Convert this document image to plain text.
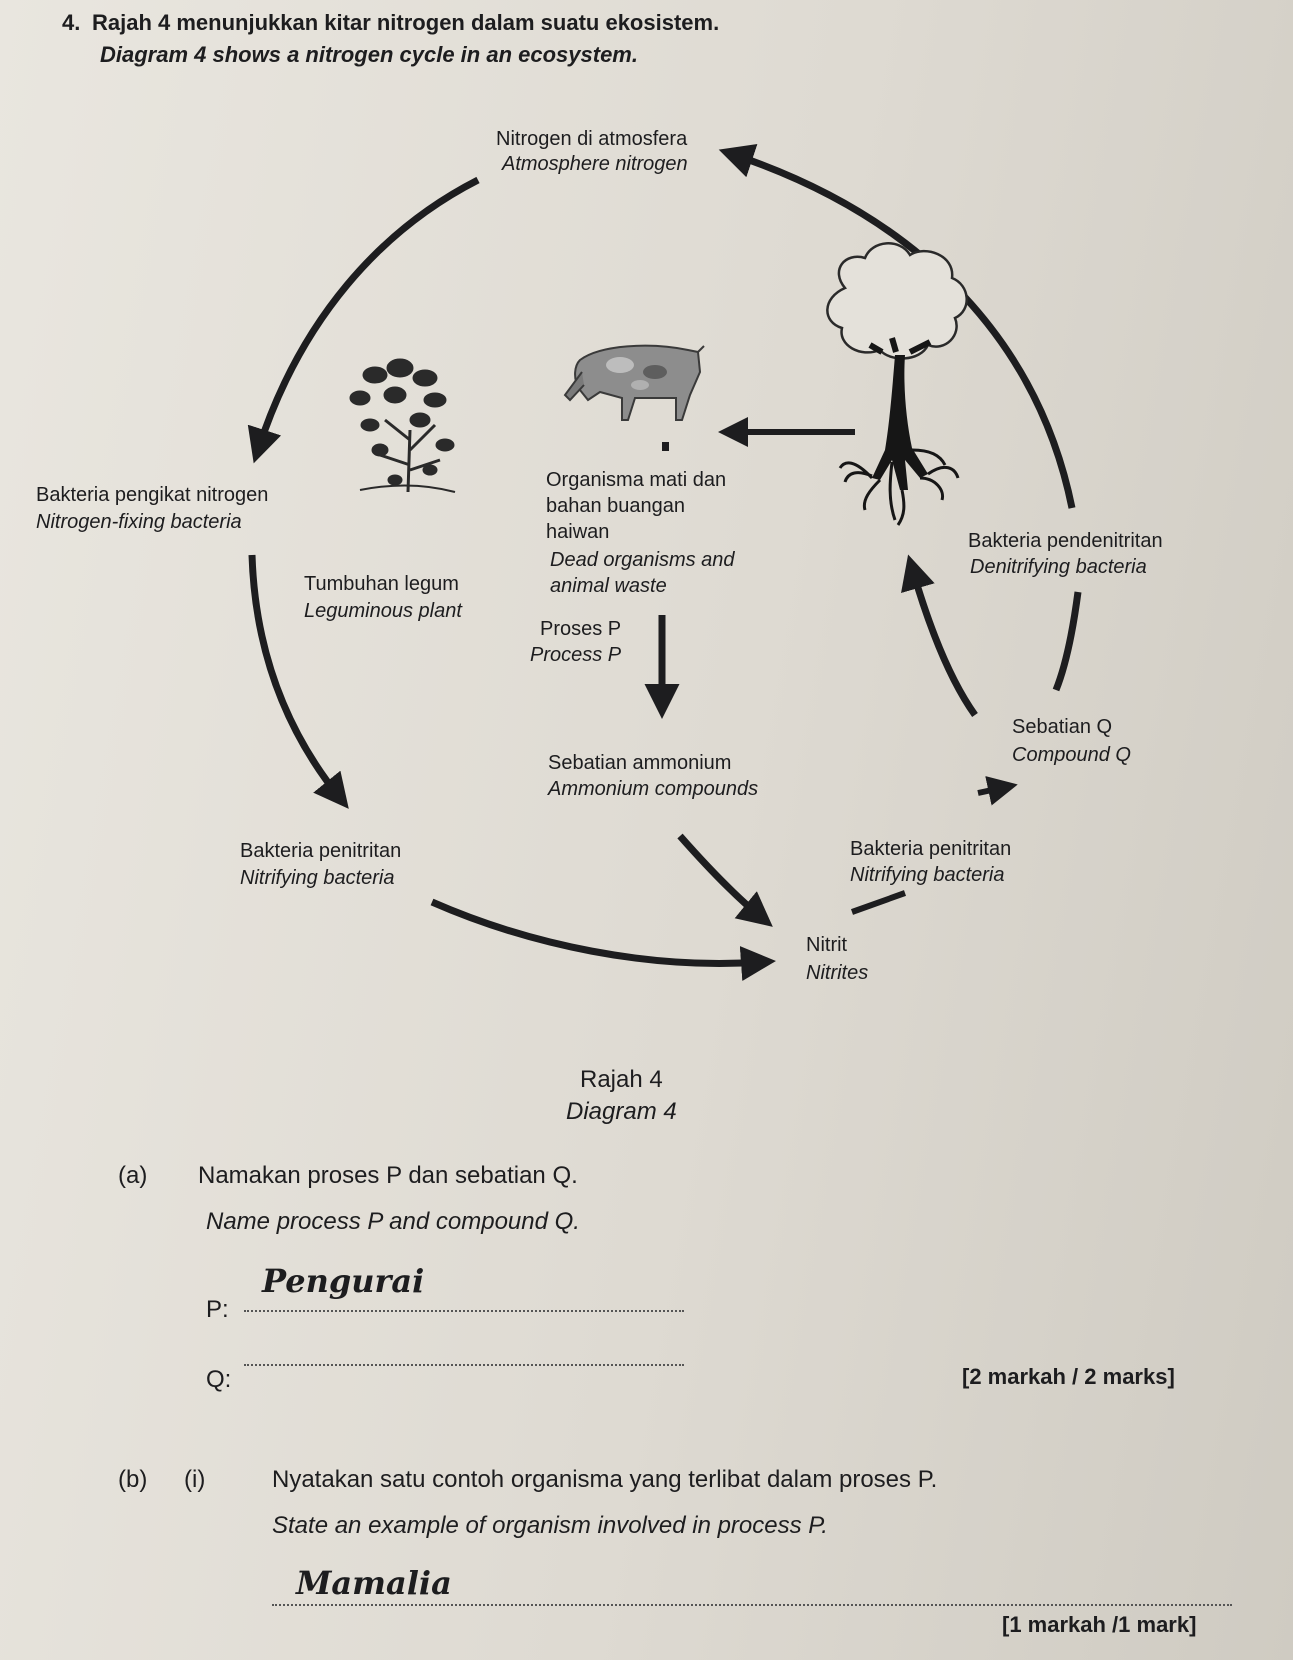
4. Rajah 4 menunjukkan kitar nitrogen dalam suatu ekosistem.
Diagram 4 shows a nitrogen cycle in an ecosystem.
Nitrogen di atmosfera
Atmosphere nitrogen
Bakteria pengikat nitrogen
Nitrogen-fixing bacteria
Tumbuhan legum
Leguminous plant
Organisma mati dan
bahan buangan
haiwan
Dead organisms and
animal waste
Proses P
Process P
Sebatian ammonium
Ammonium compounds
Bakteria penitritan
Nitrifying bacteria
Bakteria penitritan
Nitrifying bacteria
Nitrit
Nitrites
Sebatian Q
Compound Q
Bakteria pendenitritan
Denitrifying bacteria
Rajah 4
Diagram 4
(a) Namakan proses P dan sebatian Q.
Name process P and compound Q.
P:
Pengurai
Q:	[2 markah / 2 marks]
(b) (i)	Nyatakan satu contoh organisma yang terlibat dalam proses P.
State an example of organism involved in process P.
Mamalia
[1 markah /1 mark]
